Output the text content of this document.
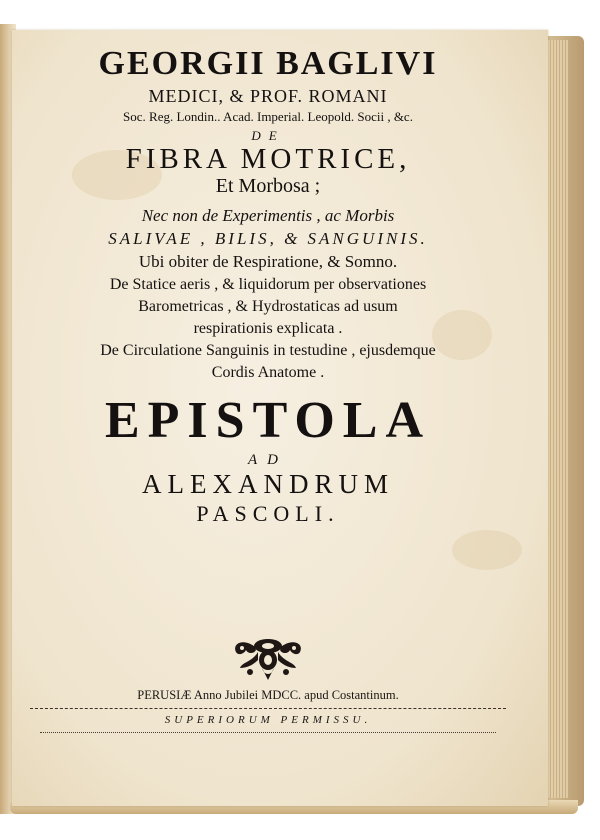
GEORGII BAGLIVI
MEDICI, & PROF. ROMANI
Soc. Reg. Londin.. Acad. Imperial. Leopold. Socii , &c.
DE
FIBRA MOTRICE,
Et Morbosa ;
Nec non de Experimentis , ac Morbis
SALIVAE , BILIS, & SANGUINIS.
Ubi obiter de Respiratione, & Somno.
De Statice aeris , & liquidorum per observationes
Barometricas , & Hydrostaticas ad usum
respirationis explicata .
De Circulatione Sanguinis in testudine , ejusdemque
Cordis Anatome .
EPISTOLA
AD
ALEXANDRUM
PASCOLI.
PERUSIÆ Anno Jubilei MDCC. apud Costantinum.
SUPERIORUM PERMISSU.
